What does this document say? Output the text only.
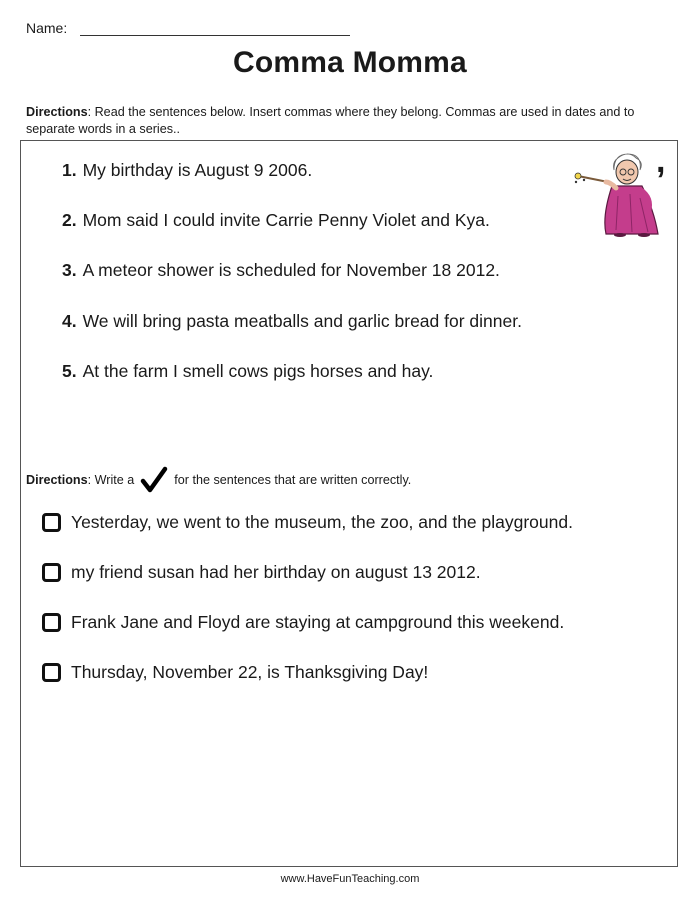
Name:
Comma Momma
Directions: Read the sentences below. Insert commas where they belong. Commas are used in dates and to separate words in a series..
1. My birthday is August 9 2006.
2. Mom said I could invite Carrie Penny Violet and Kya.
3. A meteor shower is scheduled for November 18 2012.
4. We will bring pasta meatballs and garlic bread for dinner.
5. At the farm I smell cows pigs horses and hay.
,
Directions : Write a	for the sentences that are written correctly.
Yesterday, we went to the museum, the zoo, and the playground.
my friend susan had her birthday on august 13 2012.
Frank Jane and Floyd are staying at campground this weekend.
Thursday, November 22, is Thanksgiving Day!
www.HaveFunTeaching.com
